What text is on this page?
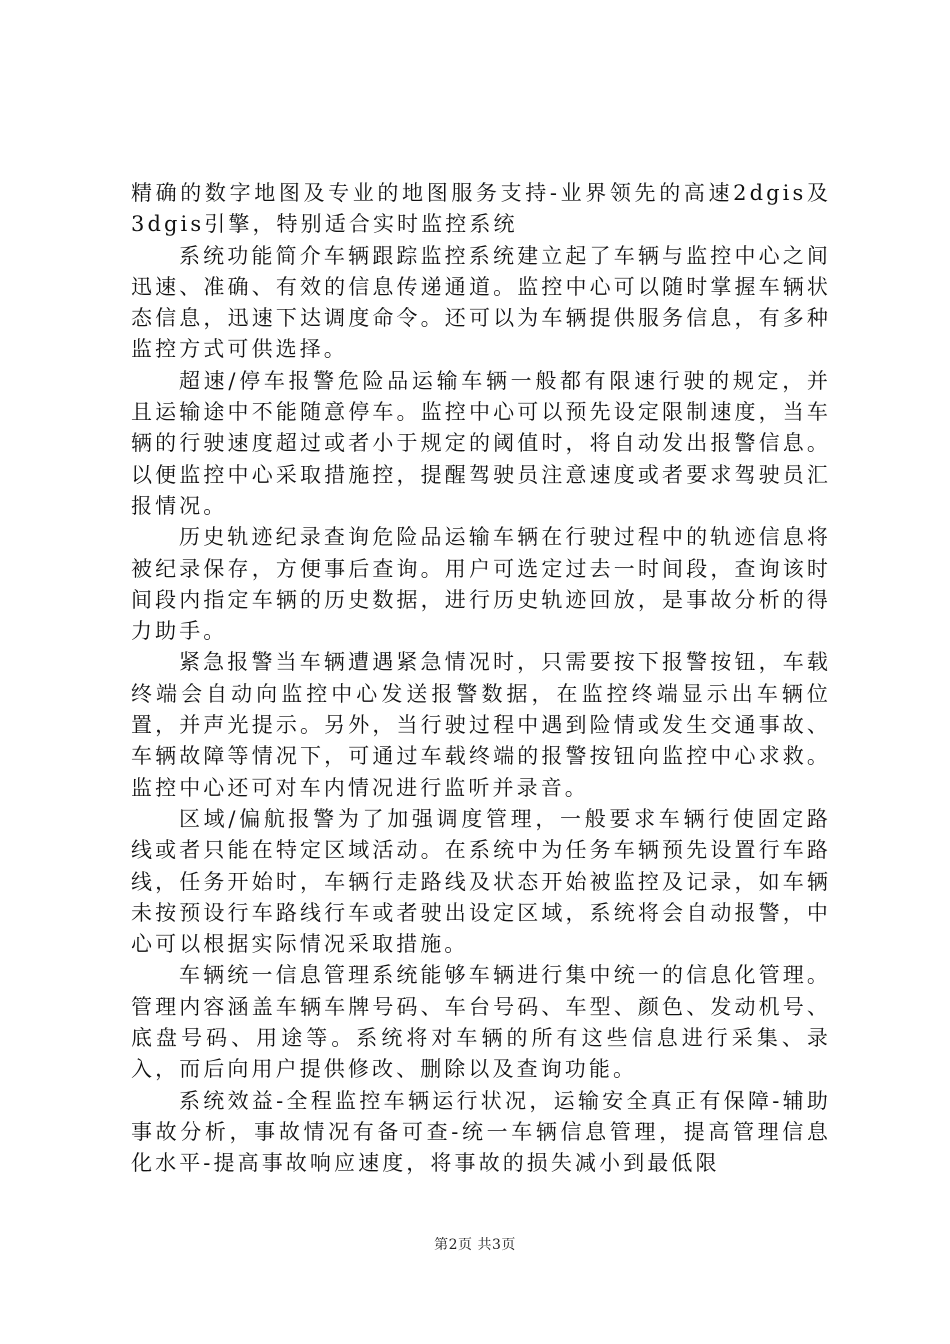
精确的数字地图及专业的地图服务支持-业界领先的高速2dgis及3dgis引擎，特别适合实时监控系统

系统功能简介车辆跟踪监控系统建立起了车辆与监控中心之间迅速、准确、有效的信息传递通道。监控中心可以随时掌握车辆状态信息，迅速下达调度命令。还可以为车辆提供服务信息，有多种监控方式可供选择。

超速/停车报警危险品运输车辆一般都有限速行驶的规定，并且运输途中不能随意停车。监控中心可以预先设定限制速度，当车辆的行驶速度超过或者小于规定的阈值时，将自动发出报警信息。以便监控中心采取措施控，提醒驾驶员注意速度或者要求驾驶员汇报情况。

历史轨迹纪录查询危险品运输车辆在行驶过程中的轨迹信息将被纪录保存，方便事后查询。用户可选定过去一时间段，查询该时间段内指定车辆的历史数据，进行历史轨迹回放，是事故分析的得力助手。

紧急报警当车辆遭遇紧急情况时，只需要按下报警按钮，车载终端会自动向监控中心发送报警数据，在监控终端显示出车辆位置，并声光提示。另外，当行驶过程中遇到险情或发生交通事故、车辆故障等情况下，可通过车载终端的报警按钮向监控中心求救。监控中心还可对车内情况进行监听并录音。

区域/偏航报警为了加强调度管理，一般要求车辆行使固定路线或者只能在特定区域活动。在系统中为任务车辆预先设置行车路线，任务开始时，车辆行走路线及状态开始被监控及记录，如车辆未按预设行车路线行车或者驶出设定区域，系统将会自动报警，中心可以根据实际情况采取措施。

车辆统一信息管理系统能够车辆进行集中统一的信息化管理。管理内容涵盖车辆车牌号码、车台号码、车型、颜色、发动机号、底盘号码、用途等。系统将对车辆的所有这些信息进行采集、录入，而后向用户提供修改、删除以及查询功能。

系统效益-全程监控车辆运行状况，运输安全真正有保障-辅助事故分析，事故情况有备可查-统一车辆信息管理，提高管理信息化水平-提高事故响应速度，将事故的损失减小到最低限

第2页 共3页
